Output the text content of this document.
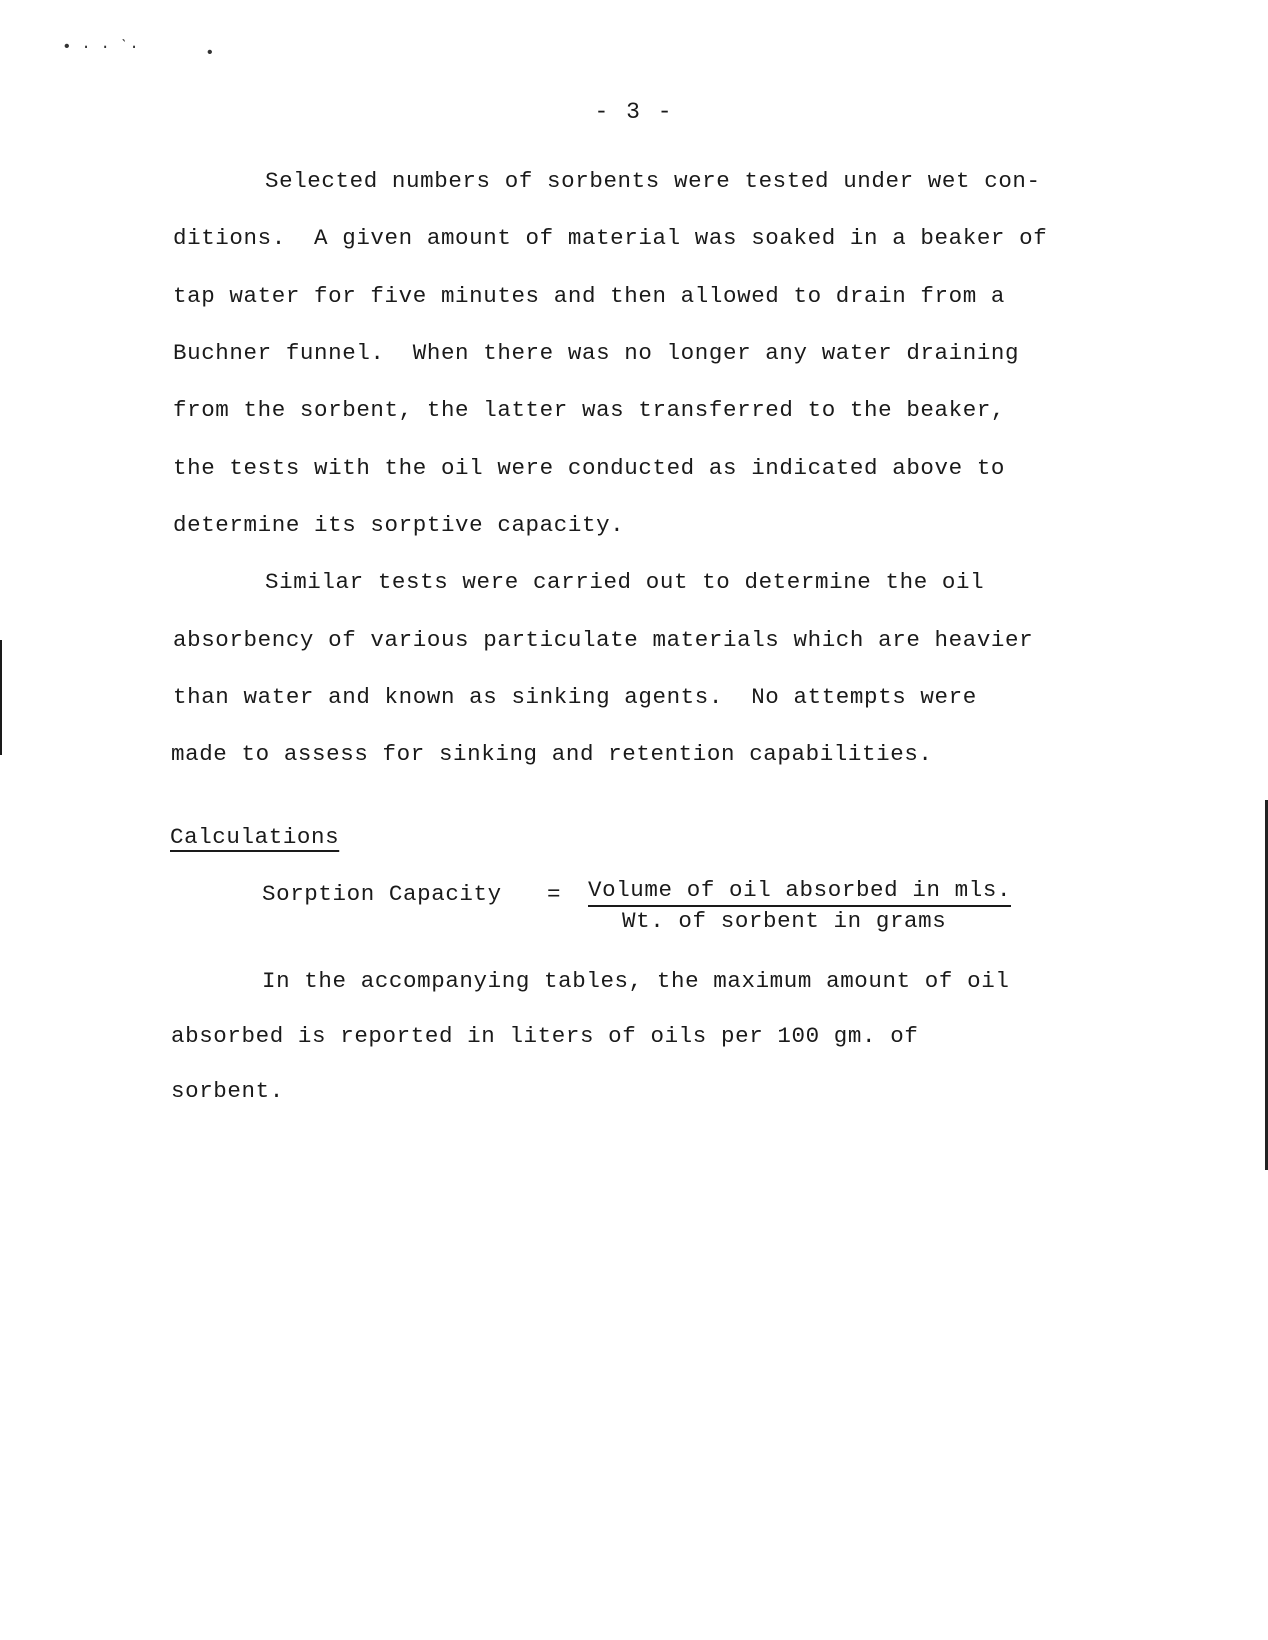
• · · ˋ·	•
- 3 -
Selected numbers of sorbents were tested under wet con-
ditions.  A given amount of material was soaked in a beaker of
tap water for five minutes and then allowed to drain from a
Buchner funnel.  When there was no longer any water draining
from the sorbent, the latter was transferred to the beaker,
the tests with the oil were conducted as indicated above to
determine its sorptive capacity.
Similar tests were carried out to determine the oil
absorbency of various particulate materials which are heavier
than water and known as sinking agents.  No attempts were
made to assess for sinking and retention capabilities.
Calculations
Sorption Capacity = Volume of oil absorbed in mls.
Wt. of sorbent in grams
In the accompanying tables, the maximum amount of oil
absorbed is reported in liters of oils per 100 gm. of
sorbent.
